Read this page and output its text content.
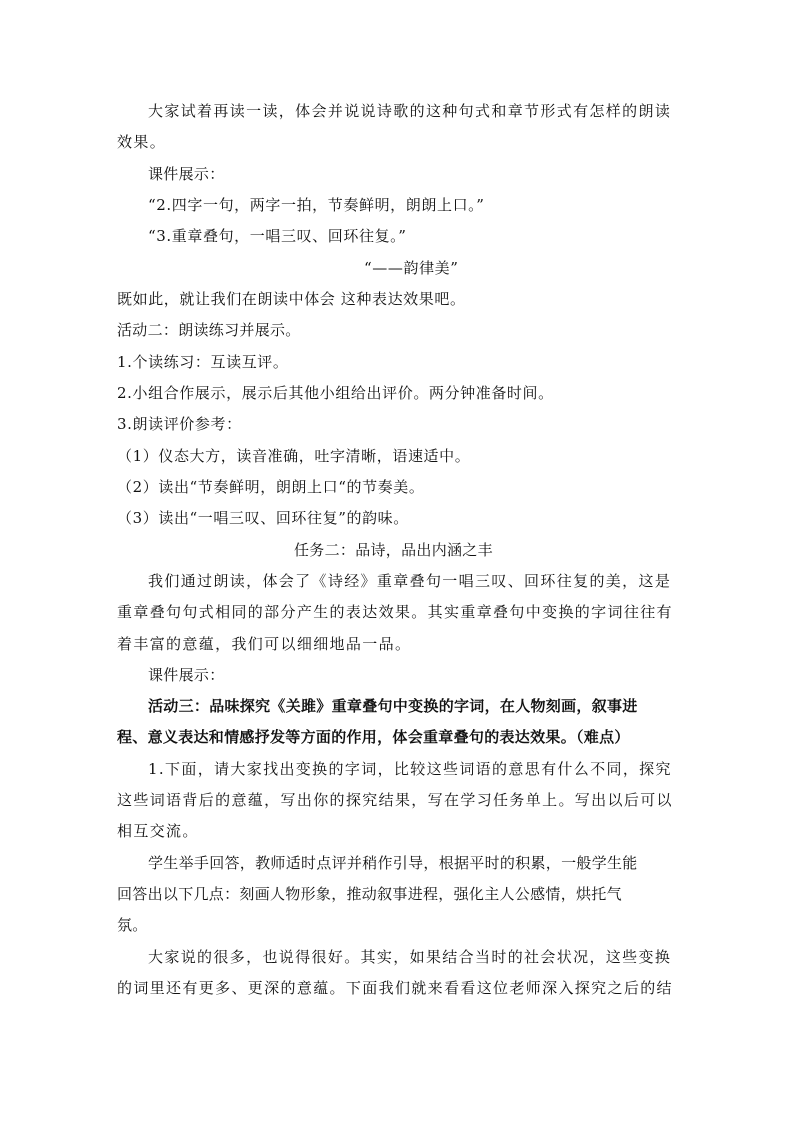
大家试着再读一读，体会并说说诗歌的这种句式和章节形式有怎样的朗读
效果。
课件展示：
“2.四字一句，两字一拍，节奏鲜明，朗朗上口。”
“3.重章叠句，一唱三叹、回环往复。”
“——韵律美”
既如此，就让我们在朗读中体会 这种表达效果吧。
活动二：朗读练习并展示。
1.个读练习：互读互评。
2.小组合作展示，展示后其他小组给出评价。两分钟准备时间。
3.朗读评价参考：
（1）仪态大方，读音准确，吐字清晰，语速适中。
（2）读出“节奏鲜明，朗朗上口“的节奏美。
（3）读出“一唱三叹、回环往复”的韵味。
任务二：品诗，品出内涵之丰
我们通过朗读，体会了《诗经》重章叠句一唱三叹、回环往复的美，这是
重章叠句句式相同的部分产生的表达效果。其实重章叠句中变换的字词往往有
着丰富的意蕴，我们可以细细地品一品。
课件展示：
活动三：品味探究《关雎》重章叠句中变换的字词，在人物刻画，叙事进
程、意义表达和情感抒发等方面的作用，体会重章叠句的表达效果。（难点）
1.下面，请大家找出变换的字词，比较这些词语的意思有什么不同，探究
这些词语背后的意蕴，写出你的探究结果，写在学习任务单上。写出以后可以
相互交流。
学生举手回答，教师适时点评并稍作引导，根据平时的积累，一般学生能
回答出以下几点：刻画人物形象，推动叙事进程，强化主人公感情，烘托气
氛。
大家说的很多，也说得很好。其实，如果结合当时的社会状况，这些变换
的词里还有更多、更深的意蕴。下面我们就来看看这位老师深入探究之后的结
